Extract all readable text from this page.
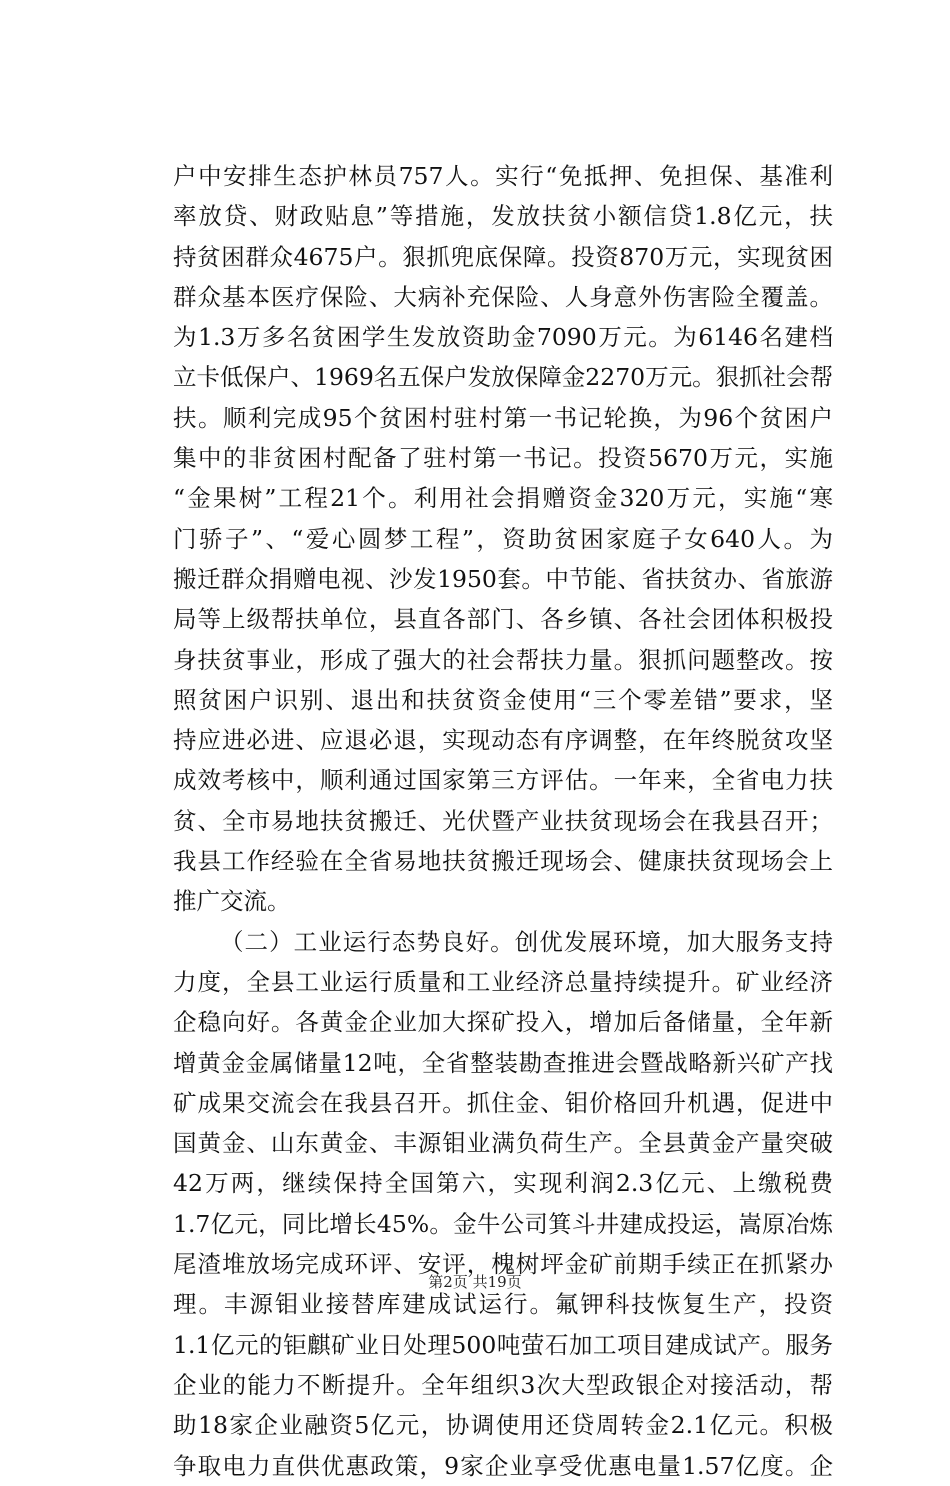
户中安排生态护林员757人。实行“免抵押、免担保、基准利
率放贷、财政贴息”等措施，发放扶贫小额信贷1.8亿元，扶
持贫困群众4675户。狠抓兜底保障。投资870万元，实现贫困
群众基本医疗保险、大病补充保险、人身意外伤害险全覆盖。
为1.3万多名贫困学生发放资助金7090万元。为6146名建档
立卡低保户、1969名五保户发放保障金2270万元。狠抓社会帮
扶。顺利完成95个贫困村驻村第一书记轮换，为96个贫困户
集中的非贫困村配备了驻村第一书记。投资5670万元，实施
“金果树”工程21个。利用社会捐赠资金320万元，实施“寒
门骄子”、“爱心圆梦工程”，资助贫困家庭子女640人。为
搬迁群众捐赠电视、沙发1950套。中节能、省扶贫办、省旅游
局等上级帮扶单位，县直各部门、各乡镇、各社会团体积极投
身扶贫事业，形成了强大的社会帮扶力量。狠抓问题整改。按
照贫困户识别、退出和扶贫资金使用“三个零差错”要求，坚
持应进必进、应退必退，实现动态有序调整，在年终脱贫攻坚
成效考核中，顺利通过国家第三方评估。一年来，全省电力扶
贫、全市易地扶贫搬迁、光伏暨产业扶贫现场会在我县召开；
我县工作经验在全省易地扶贫搬迁现场会、健康扶贫现场会上
推广交流。
（二）工业运行态势良好。创优发展环境，加大服务支持
力度，全县工业运行质量和工业经济总量持续提升。矿业经济
企稳向好。各黄金企业加大探矿投入，增加后备储量，全年新
增黄金金属储量12吨，全省整装勘查推进会暨战略新兴矿产找
矿成果交流会在我县召开。抓住金、钼价格回升机遇，促进中
国黄金、山东黄金、丰源钼业满负荷生产。全县黄金产量突破
42万两，继续保持全国第六，实现利润2.3亿元、上缴税费
1.7亿元，同比增长45%。金牛公司箕斗井建成投运，嵩原冶炼
尾渣堆放场完成环评、安评，槐树坪金矿前期手续正在抓紧办
理。丰源钼业接替库建成试运行。氟钾科技恢复生产，投资
1.1亿元的钜麒矿业日处理500吨萤石加工项目建成试产。服务
企业的能力不断提升。全年组织3次大型政银企对接活动，帮
助18家企业融资5亿元，协调使用还贷周转金2.1亿元。积极
争取电力直供优惠政策，9家企业享受优惠电量1.57亿度。企
第2页 共19页
